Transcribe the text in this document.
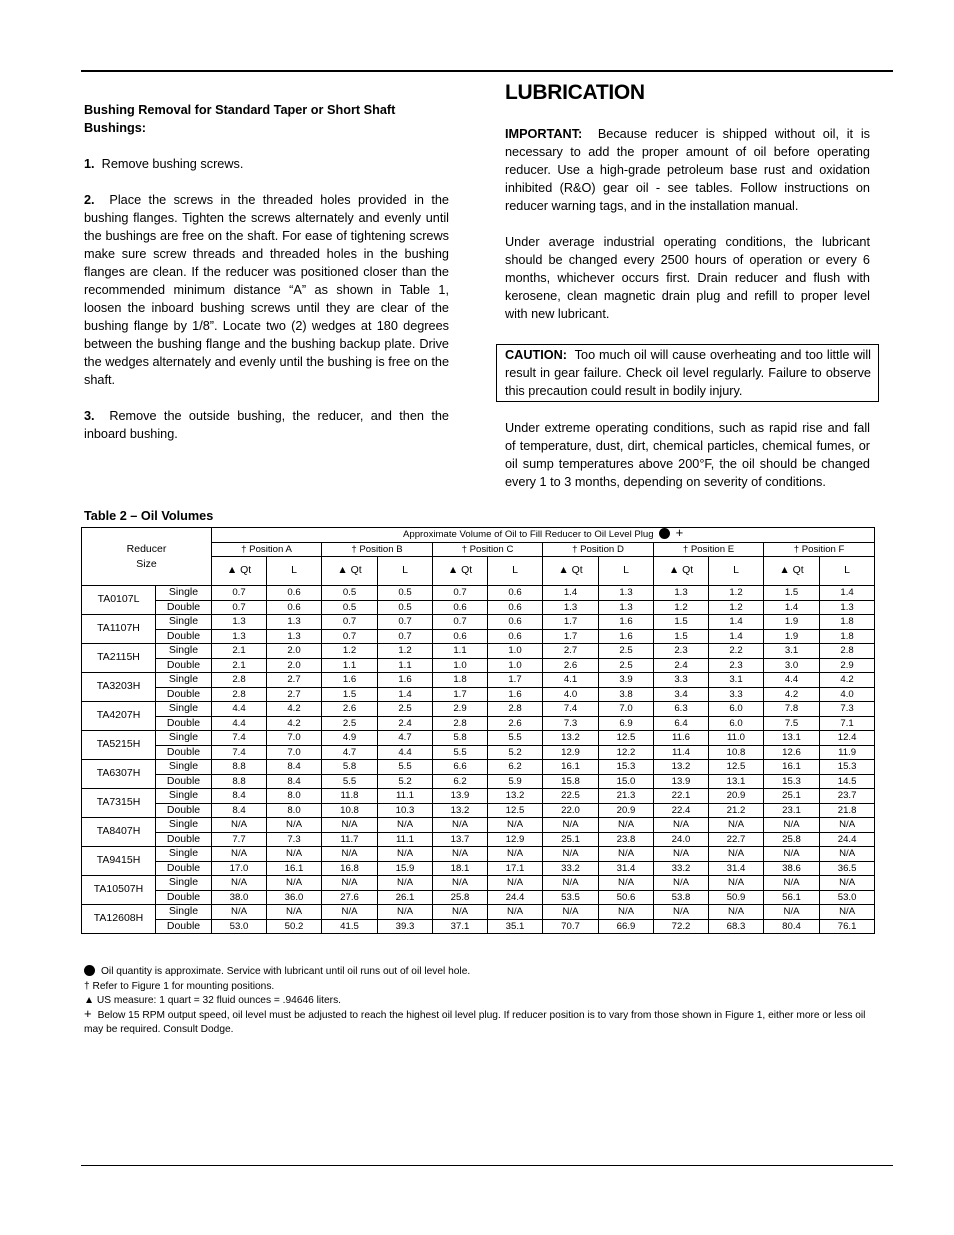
Bushing Removal for Standard Taper or Short Shaft Bushings:

1. Remove bushing screws.

2. Place the screws in the threaded holes provided in the bushing flanges. Tighten the screws alternately and evenly until the bushings are free on the shaft. For ease of tightening screws make sure screw threads and threaded holes in the bushing flanges are clean. If the reducer was positioned closer than the recommended minimum distance “A” as shown in Table 1, loosen the inboard bushing screws until they are clear of the bushing flange by 1/8”. Locate two (2) wedges at 180 degrees between the bushing flange and the bushing backup plate. Drive the wedges alternately and evenly until the bushing is free on the shaft.

3. Remove the outside bushing, the reducer, and then the inboard bushing.

LUBRICATION

IMPORTANT: Because reducer is shipped without oil, it is necessary to add the proper amount of oil before operating reducer. Use a high-grade petroleum base rust and oxidation inhibited (R&O) gear oil - see tables. Follow instructions on reducer warning tags, and in the installation manual.

Under average industrial operating conditions, the lubricant should be changed every 2500 hours of operation or every 6 months, whichever occurs first. Drain reducer and flush with kerosene, clean magnetic drain plug and refill to proper level with new lubricant.

CAUTION: Too much oil will cause overheating and too little will result in gear failure. Check oil level regularly. Failure to observe this precaution could result in bodily injury.

Under extreme operating conditions, such as rapid rise and fall of temperature, dust, dirt, chemical particles, chemical fumes, or oil sump temperatures above 200°F, the oil should be changed every 1 to 3 months, depending on severity of conditions.

Table 2 – Oil Volumes
Reducer
Size		Approximate Volume of Oil to Fill Reducer to Oil Level Plug +											
		† Position A		† Position B		† Position C		† Position D		† Position E		† Position F	
		▲ Qt	L	▲ Qt	L	▲ Qt	L	▲ Qt	L	▲ Qt	L	▲ Qt	L
TA0107L	Single	0.7	0.6	0.5	0.5	0.7	0.6	1.4	1.3	1.3	1.2	1.5	1.4
	Double	0.7	0.6	0.5	0.5	0.6	0.6	1.3	1.3	1.2	1.2	1.4	1.3
TA1107H	Single	1.3	1.3	0.7	0.7	0.7	0.6	1.7	1.6	1.5	1.4	1.9	1.8
	Double	1.3	1.3	0.7	0.7	0.6	0.6	1.7	1.6	1.5	1.4	1.9	1.8
TA2115H	Single	2.1	2.0	1.2	1.2	1.1	1.0	2.7	2.5	2.3	2.2	3.1	2.8
	Double	2.1	2.0	1.1	1.1	1.0	1.0	2.6	2.5	2.4	2.3	3.0	2.9
TA3203H	Single	2.8	2.7	1.6	1.6	1.8	1.7	4.1	3.9	3.3	3.1	4.4	4.2
	Double	2.8	2.7	1.5	1.4	1.7	1.6	4.0	3.8	3.4	3.3	4.2	4.0
TA4207H	Single	4.4	4.2	2.6	2.5	2.9	2.8	7.4	7.0	6.3	6.0	7.8	7.3
	Double	4.4	4.2	2.5	2.4	2.8	2.6	7.3	6.9	6.4	6.0	7.5	7.1
TA5215H	Single	7.4	7.0	4.9	4.7	5.8	5.5	13.2	12.5	11.6	11.0	13.1	12.4
	Double	7.4	7.0	4.7	4.4	5.5	5.2	12.9	12.2	11.4	10.8	12.6	11.9
TA6307H	Single	8.8	8.4	5.8	5.5	6.6	6.2	16.1	15.3	13.2	12.5	16.1	15.3
	Double	8.8	8.4	5.5	5.2	6.2	5.9	15.8	15.0	13.9	13.1	15.3	14.5
TA7315H	Single	8.4	8.0	11.8	11.1	13.9	13.2	22.5	21.3	22.1	20.9	25.1	23.7
	Double	8.4	8.0	10.8	10.3	13.2	12.5	22.0	20.9	22.4	21.2	23.1	21.8
TA8407H	Single	N/A	N/A	N/A	N/A	N/A	N/A	N/A	N/A	N/A	N/A	N/A	N/A
	Double	7.7	7.3	11.7	11.1	13.7	12.9	25.1	23.8	24.0	22.7	25.8	24.4
TA9415H	Single	N/A	N/A	N/A	N/A	N/A	N/A	N/A	N/A	N/A	N/A	N/A	N/A
	Double	17.0	16.1	16.8	15.9	18.1	17.1	33.2	31.4	33.2	31.4	38.6	36.5
TA10507H	Single	N/A	N/A	N/A	N/A	N/A	N/A	N/A	N/A	N/A	N/A	N/A	N/A
	Double	38.0	36.0	27.6	26.1	25.8	24.4	53.5	50.6	53.8	50.9	56.1	53.0
TA12608H	Single	N/A	N/A	N/A	N/A	N/A	N/A	N/A	N/A	N/A	N/A	N/A	N/A
	Double	53.0	50.2	41.5	39.3	37.1	35.1	70.7	66.9	72.2	68.3	80.4	76.1
Oil quantity is approximate. Service with lubricant until oil runs out of oil level hole.
† Refer to Figure 1 for mounting positions.
▲ US measure: 1 quart = 32 fluid ounces = .94646 liters.
+ Below 15 RPM output speed, oil level must be adjusted to reach the highest oil level plug. If reducer position is to vary from those shown in Figure 1, either more or less oil may be required. Consult Dodge.
